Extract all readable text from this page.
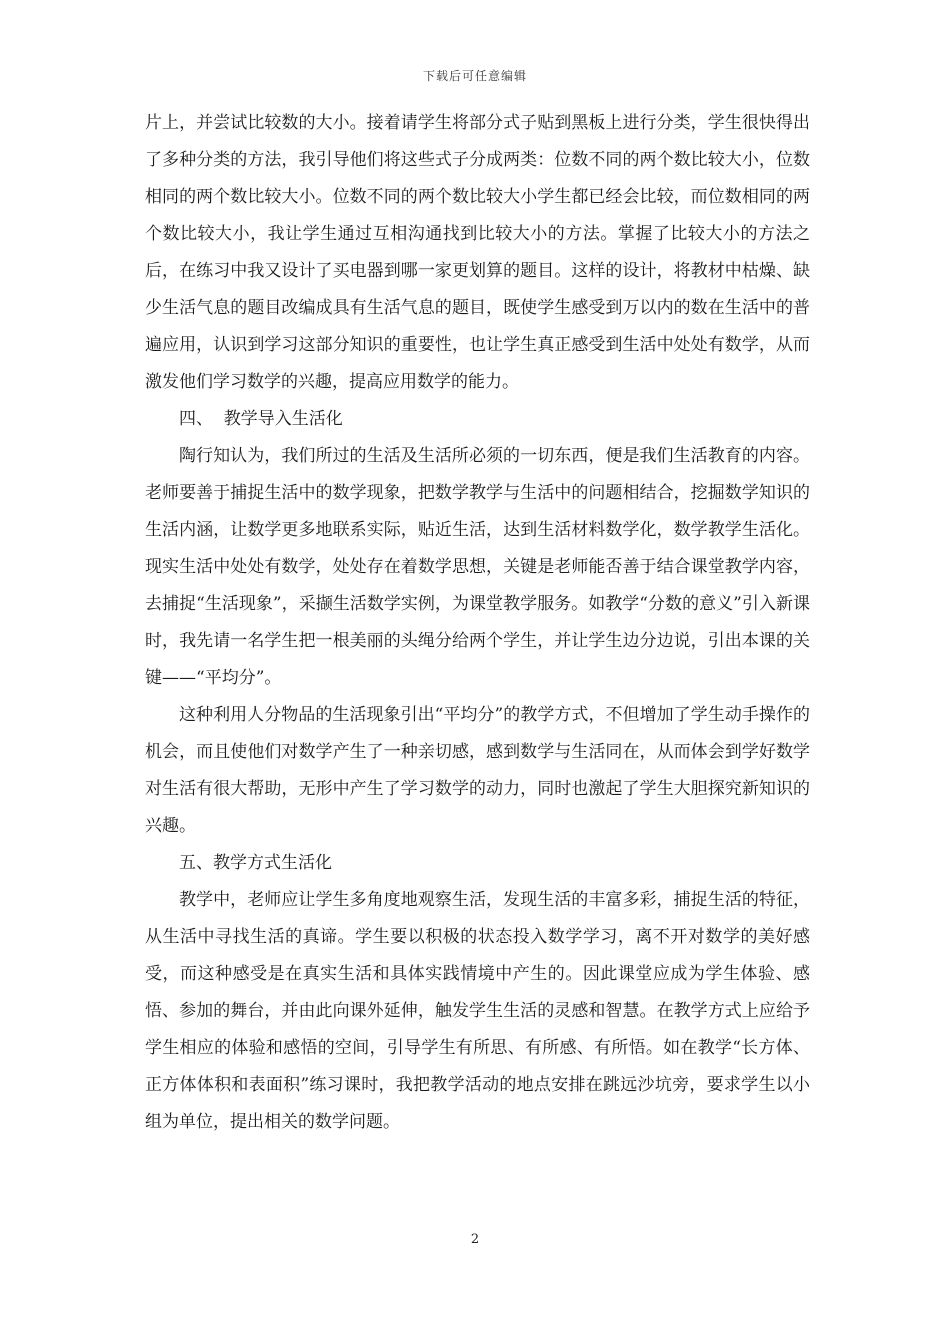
下载后可任意编辑

片上，并尝试比较数的大小。接着请学生将部分式子贴到黑板上进行分类，学生很快得出了多种分类的方法，我引导他们将这些式子分成两类：位数不同的两个数比较大小，位数相同的两个数比较大小。位数不同的两个数比较大小学生都已经会比较，而位数相同的两个数比较大小，我让学生通过互相沟通找到比较大小的方法。掌握了比较大小的方法之后，在练习中我又设计了买电器到哪一家更划算的题目。这样的设计，将教材中枯燥、缺少生活气息的题目改编成具有生活气息的题目，既使学生感受到万以内的数在生活中的普遍应用，认识到学习这部分知识的重要性，也让学生真正感受到生活中处处有数学，从而激发他们学习数学的兴趣，提高应用数学的能力。

四、  教学导入生活化

陶行知认为，我们所过的生活及生活所必须的一切东西，便是我们生活教育的内容。老师要善于捕捉生活中的数学现象，把数学教学与生活中的问题相结合，挖掘数学知识的生活内涵，让数学更多地联系实际，贴近生活，达到生活材料数学化，数学教学生活化。现实生活中处处有数学，处处存在着数学思想，关键是老师能否善于结合课堂教学内容，去捕捉“生活现象”，采撷生活数学实例，为课堂教学服务。如教学“分数的意义”引入新课时，我先请一名学生把一根美丽的头绳分给两个学生，并让学生边分边说，引出本课的关键——“平均分”。

这种利用人分物品的生活现象引出“平均分”的教学方式，不但增加了学生动手操作的机会，而且使他们对数学产生了一种亲切感，感到数学与生活同在，从而体会到学好数学对生活有很大帮助，无形中产生了学习数学的动力，同时也激起了学生大胆探究新知识的兴趣。

五、教学方式生活化

教学中，老师应让学生多角度地观察生活，发现生活的丰富多彩，捕捉生活的特征，从生活中寻找生活的真谛。学生要以积极的状态投入数学学习，离不开对数学的美好感受，而这种感受是在真实生活和具体实践情境中产生的。因此课堂应成为学生体验、感悟、参加的舞台，并由此向课外延伸，触发学生生活的灵感和智慧。在教学方式上应给予学生相应的体验和感悟的空间，引导学生有所思、有所感、有所悟。如在教学“长方体、正方体体积和表面积”练习课时，我把教学活动的地点安排在跳远沙坑旁，要求学生以小组为单位，提出相关的数学问题。

2
